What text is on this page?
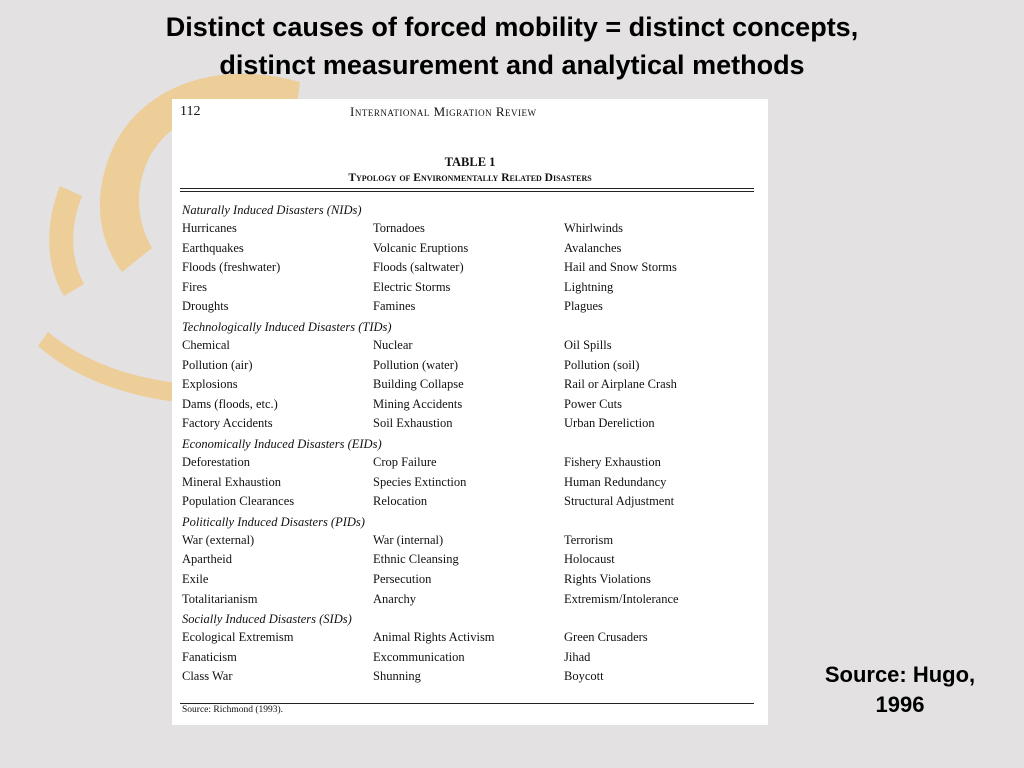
Distinct causes of forced mobility = distinct concepts,
distinct measurement and analytical methods
112	International Migration Review
TABLE 1
Typology of Environmentally Related Disasters
Naturally Induced Disasters (NIDs)
Hurricanes	Tornadoes	Whirlwinds
Earthquakes	Volcanic Eruptions	Avalanches
Floods (freshwater)	Floods (saltwater)	Hail and Snow Storms
Fires	Electric Storms	Lightning
Droughts	Famines	Plagues
Technologically Induced Disasters (TIDs)
Chemical	Nuclear	Oil Spills
Pollution (air)	Pollution (water)	Pollution (soil)
Explosions	Building Collapse	Rail or Airplane Crash
Dams (floods, etc.)	Mining Accidents	Power Cuts
Factory Accidents	Soil Exhaustion	Urban Dereliction
Economically Induced Disasters (EIDs)
Deforestation	Crop Failure	Fishery Exhaustion
Mineral Exhaustion	Species Extinction	Human Redundancy
Population Clearances	Relocation	Structural Adjustment
Politically Induced Disasters (PIDs)
War (external)	War (internal)	Terrorism
Apartheid	Ethnic Cleansing	Holocaust
Exile	Persecution	Rights Violations
Totalitarianism	Anarchy	Extremism/Intolerance
Socially Induced Disasters (SIDs)
Ecological Extremism	Animal Rights Activism	Green Crusaders
Fanaticism	Excommunication	Jihad
Class War	Shunning	Boycott
Source: Richmond (1993).
Source: Hugo,
1996
